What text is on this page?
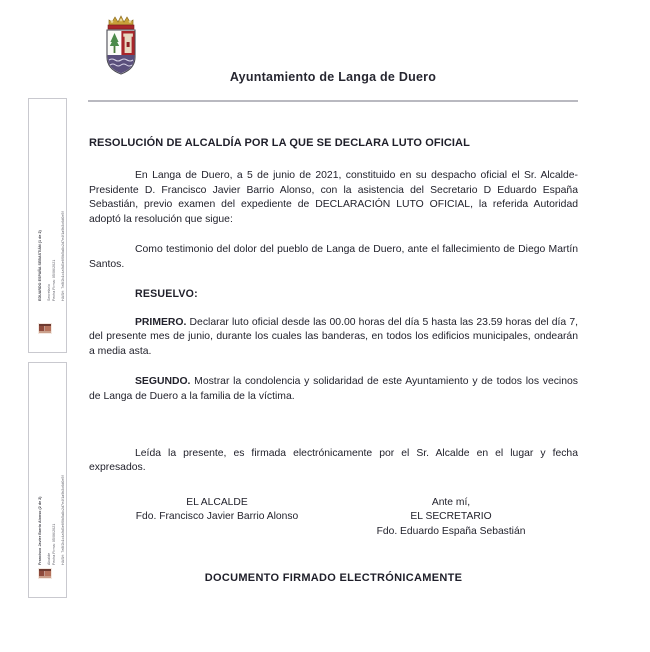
EDUARDO ESPAÑA SEBASTIÁN (1 de 2) Secretario Fecha Firma: 05/06/2021 HASH: 7e8f2b1c4a9d3e6f0b5a8c2d7e4f1a9b3c6d0e5f
Francisco Javier Barrio Alonso (2 de 2) Alcalde Fecha Firma: 05/06/2021 HASH: 7e8f2b1c4a9d3e6f0b5a8c2d7e4f1a9b3c6d0e5f
Ayuntamiento de Langa de Duero
RESOLUCIÓN DE ALCALDÍA POR LA QUE SE DECLARA LUTO OFICIAL

En Langa de Duero, a 5 de junio de 2021, constituido en su despacho oficial el Sr. Alcalde-Presidente D. Francisco Javier Barrio Alonso, con la asistencia del Secretario D Eduardo España Sebastián, previo examen del expediente de DECLARACIÓN LUTO OFICIAL, la referida Autoridad adoptó la resolución que sigue:

Como testimonio del dolor del pueblo de Langa de Duero, ante el fallecimiento de Diego Martín Santos.

RESUELVO:

PRIMERO. Declarar luto oficial desde las 00.00 horas del día 5 hasta las 23.59 horas del día 7, del presente mes de junio, durante los cuales las banderas, en todos los edificios municipales, ondearán a media asta.

SEGUNDO. Mostrar la condolencia y solidaridad de este Ayuntamiento y de todos los vecinos de Langa de Duero a la familia de la víctima.

Leída la presente, es firmada electrónicamente por el Sr. Alcalde en el lugar y fecha expresados.

EL ALCALDE
Fdo. Francisco Javier Barrio Alonso
Ante mí,
EL SECRETARIO
Fdo. Eduardo España Sebastián
DOCUMENTO FIRMADO ELECTRÓNICAMENTE
